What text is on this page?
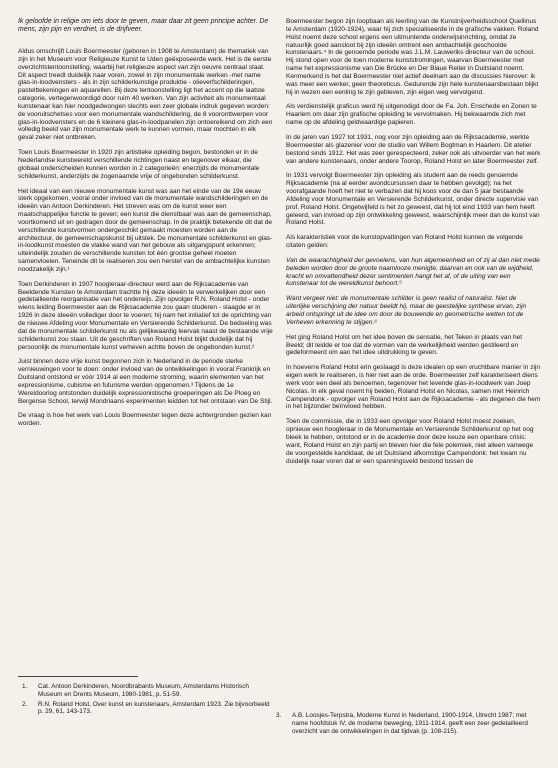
Ik geloofde in religie om iets door te geven, maar daar zit geen principe achter. De mens, zijn pijn en verdriet, is de drijfveer.

Aldus omschrijft Louis Boermeester (geboren in 1908 te Amsterdam) de thematiek van zijn in het Museum voor Religieuze Kunst te Uden geëxposeerde werk. Het is de eerste overzichtstentoonstelling, waarbij het religieuze aspect van zijn oeuvre centraal staat. Dit aspect treedt duidelijk naar voren, zowel in zijn monumentale werken -met name glas-in-loodvensters - als in zijn schilderkunstige produktie - olieverfschilderingen, pastelttekeningen en aquarellen. Bij deze tentoonstelling ligt het accent op die laatste categorie, vertegenwoordigd door ruim 40 werken. Van zijn activiteit als monumentaal kunstenaar kan hier noodgedwongen slechts een zeer globale indruk gegeven worden: de vooruitschetses voor een monumentale wandschildering, de 8 vooronttwerpen voor glas-in-loodvensters en de 6 kleinere glas-in-loodpanelen zijn ontoereikend om zich een volledig beeld van zijn monumentale werk te kunnen vormen, maar mochten in elk geval zeker niet ontbreken.

Toen Louis Boermeester in 1920 zijn artistieke opleiding begon, bestonden er in de Nederlandse kunstwereld verschillende richtingen naast en tegenover elkaar, die globaal onderscheiden kunnen worden in 2 categorieën: enerzijds de monumentale schilderkunst, anderzijds de zogenaamde vrije of ongebonden schilderkunst.

Het ideaal van een nieuwe monumentale kunst was aan het einde van de 19e eeuw sterk opgekomen, vooral onder invloed van de monumentale wandschilderingen en de ideeën van Antoon Derkinderen. Het streven was om de kunst weer een maatschappelijke functie te geven; een kunst die dienstbaar was aan de gemeenschap, voortkomend uit en gedragen door de gemeenschap. In de praktijk betekende dit dat de verschillende kunstvormen ondergeschikt gemaakt moesten worden aan de architectuur, de gemeenschapskunst bij uitstek. De monumentale schilderkunst en glas-in-loodkunst moesten de vlakke wand van het gebouw als uitgangspunt erkennen; uiteindelijk zouden de verschillende kunsten tot één grootse geheel moeten samenvloeien. Teneinde dit te realiseren zou een herstel van de ambachtelijke kunsten noodzakelijk zijn.¹

Toen Derkinderen in 1907 hoogleraar-directeur werd aan de Rijksacademie van Beeldende Kunsten te Amsterdam trachtte hij deze ideeën te verwerkelijken door een gedetailleerde reorganisatie van het onderwijs. Zijn opvolger R.N. Roland Holst - onder wiens leiding Boermeester aan de Rijksacademie zou gaan studeren - slaagde er in 1926 in deze ideeën vollediger door te voeren; hij nam het initiatief tot de oprichting van de nieuwe Afdeling voor Monumentale en Versierende Schilderkunst. De bedoeling was dat de monumentale schilderkunst nu als gelijkwaardig leervak naast de bestaande vrije schilderkunst zou staan. Uit de geschriften van Roland Holst blijkt duidelijk dat hij persoonlijk de monumentale kunst verheven achtte boven de ongebonden kunst.²

Juist binnen deze vrije kunst begonnen zich in Nederland in de periode sterke vernieuwingen voor te doen: onder invloed van de ontwikkelingen in vooral Frankrijk en Duitsland ontstond er vóór 1914 al een moderne stroming, waarin elementen van het expressionisme, cubisme en futurisme werden opgenomen.³ Tijdens de 1e Wereldoorlog ontstonden duidelijk expressionistische groeperingen als De Ploeg en Bergense School, terwijl Mondriaans experimenten leidden tot het ontstaan van De Stijl.

De vraag is hoe het werk van Louis Boermeester tegen deze achtergronden gezien kan worden.

Boermeester begon zijn loopbaan als leerling van de Kunstnijverheidsschool Quellinus te Amsterdam (1920-1924), waar hij zich specialiseerde in de grafische vakken. Roland Holst noemt deze school ergens een uitmuntende onderwijsinrichting, omdat ze natuurlijk goed aansloot bij zijn ideeën omtrent een ambachtelijk geschoolde kunstenaars.⁴ In de genoemde periode was J.L.M. Lauweriks directeur van de school. Hij stond open voor de toen moderne kunststromingen, waarvan Boermeester met name het expressionisme van Die Brücke en Der Blaue Reiter in Duitsland noemt. Kenmerkend is het dat Boermeester niet actief deelnam aan de discussies hierover: ik was meer een werker, geen theoreticus. Gedurende zijn hele kunstenaarsbestaan blijkt hij in wezen een eenling te zijn gebleven, zijn eigen weg vervolgend.

Als verdienstelijk graficus werd hij uitgenodigd door de Fa. Joh. Enschede en Zonen te Haarlem om daar zijn grafische opleiding te vervolmaken. Hij bekwaamde zich met name op de afdeling geldwaardige papieren.

In de jaren van 1927 tot 1931, nog voor zijn opleiding aan de Rijksacademie, werkte Boermeester als glazenier voor de studio van Willem Bogtman in Haarlem. Dit atelier bestond sinds 1912. Het was zeer gerespecteerd, zeker ook als uitvoerder van het werk van andere kunstenaars, onder andere Toorop, Roland Holst en later Boermeester zelf.

In 1931 vervolgt Boermeester zijn opleiding als student aan de reeds genoemde Rijksacademie (na al eerder avondcursussen daar te hebben gevolgd); na het voorafgaande hoeft het niet te verbazen dat hij koos voor de dan 5 jaar bestaande Afdeling voor Monumentale en Versierende Schilderkunst, onder directe supervisie van prof. Roland Holst. Ongetwijfeld is het zo geweest, dat hij tot eind 1933 van hem heeft geleerd, van invloed op zijn ontwikkeling geweest, waarschijnlijk meer dan de kunst van Roland Holst.

Als karakteristiek voor de kunstopvattingen van Roland Holst kunnen de volgende citaten gelden:

Van de waarachtigheid der gevoelens, van hun algemeenheid en of zij al dan niet mede beleden worden door de groote naamlooze menigte, daarvan en ook van de wijdheid, kracht en omvattendheid dezer sentimenten hangt het af, of de uiting van een kunstenaar tot de wereldkunst behoort.⁵

Want vergeet niet: de monumentale schilder is geen realist of naturalist. Niet de uiterlijke verschijning der natuur beeldt hij, maar de geestelijke synthese ervan, zijn arbeid ontspringt uit de idee om door de bouwende en geometrische wetten tot de Verheven erkenning te stijgen.⁶

Het ging Roland Holst om het idee boven de sensatie, het Teken in plaats van het Beeld; dit leidde er toe dat de vormen van de werkelijkheid werden gestileerd en gedeformeerd om aan het idee uitdrukking te geven.

In hoeverre Roland Holst erin geslaagd is deze idealen op een vruchtbare manier in zijn eigen werk te realiseren, is hier niet aan de orde. Boermeester zelf karakteriseert diens werk voor een deel als benoemen, tegenover het levende glas-in-loodwerk van Joep Nicolas. In elk geval noemt hij beiden, Roland Holst en Nicolas, samen met Heinrich Campendonk - opvolger van Roland Holst aan de Rijksacademie - als degenen die hem in het bijzonder beïnvloed hebben.

Toen de commissie, die in 1933 een opvolger voor Roland Holst moest zoeken, opnieuw een hoogleraar in de Monumentale en Versierende Schilderkunst op het oog bleek te hebben, ontstond er in de academie door deze keuze een openbare crisis: want, Roland Holst en zijn partij en bleven hier die fele polemiek, niet alleen vanwege de voorgestelde kandidaat, de uit Duitsland afkomstige Campendonk: het kwam nu duidelijk naar voren dat er een spanningsveld bestond tussen de

1.	Cat. Antoon Derkinderen, Noordbrabants Museum, Amsterdams Historisch Museum en Drents Museum, 1980-1981, p. 51-59.
2.	R.N. Roland Holst, Over kunst en kunstenaars, Amsterdam 1923. Zie bijvoorbeeld p. 29, 61, 143-173.
3.	A.B. Loosjes-Terpstra, Moderne Kunst in Nederland, 1900-1914, Utrecht 1987; met name hoofdstuk IV, de moderne beweging, 1911-1914, geeft een zeer gedetailleerd overzicht van de ontwikkelingen in dat tijdvak (p. 108-215).
